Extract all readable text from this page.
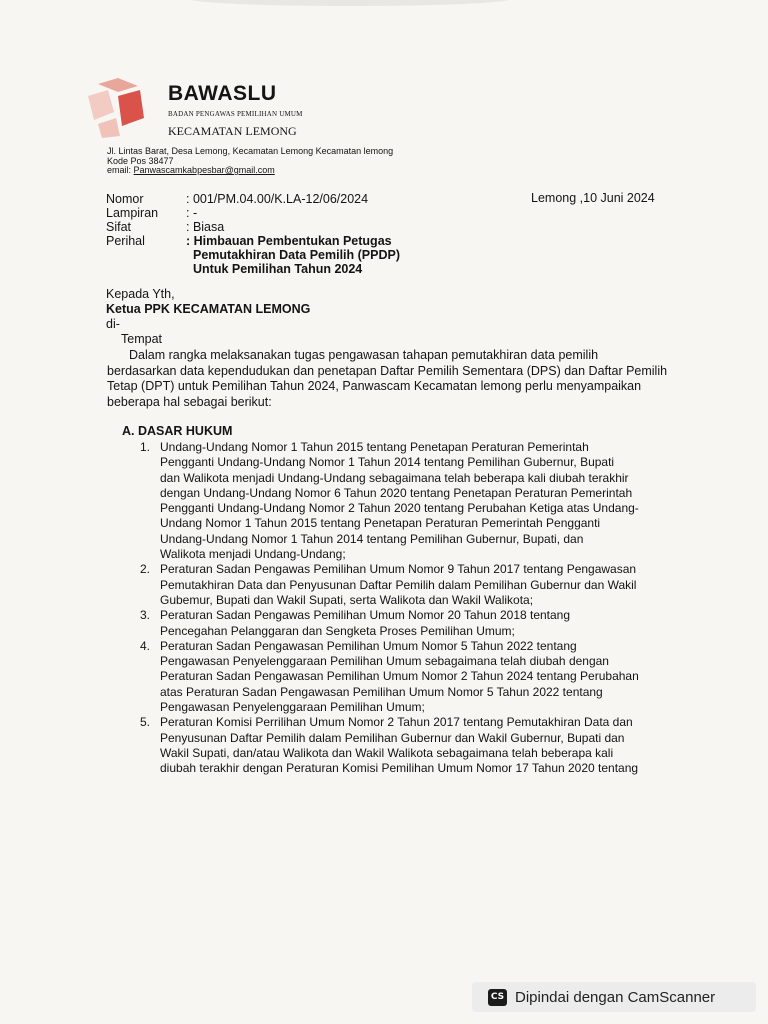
BAWASLU
BADAN PENGAWAS PEMILIHAN UMUM
KECAMATAN LEMONG
Jl. Lintas Barat, Desa Lemong, Kecamatan Lemong Kecamatan lemong
Kode Pos 38477
email: Panwascamkabpesbar@gmail.com
Nomor	: 001/PM.04.00/K.LA-12/06/2024
Lampiran : -
Sifat	: Biasa
Perihal	: Himbauan Pembentukan Petugas
Pemutakhiran Data Pemilih (PPDP)
Untuk Pemilihan Tahun 2024
Lemong ,10 Juni 2024
Kepada Yth,
Ketua PPK KECAMATAN LEMONG
di-
Tempat
Dalam rangka melaksanakan tugas pengawasan tahapan pemutakhiran data pemilih
berdasarkan data kependudukan dan penetapan Daftar Pemilih Sementara (DPS) dan Daftar Pemilih
Tetap (DPT) untuk Pemilihan Tahun 2024, Panwascam Kecamatan lemong perlu menyampaikan
beberapa hal sebagai berikut:
A. DASAR HUKUM
1. Undang-Undang Nomor 1 Tahun 2015 tentang Penetapan Peraturan Pemerintah
Pengganti Undang-Undang Nomor 1 Tahun 2014 tentang Pemilihan Gubernur, Bupati
dan Walikota menjadi Undang-Undang sebagaimana telah beberapa kali diubah terakhir
dengan Undang-Undang Nomor 6 Tahun 2020 tentang Penetapan Peraturan Pemerintah
Pengganti Undang-Undang Nomor 2 Tahun 2020 tentang Perubahan Ketiga atas Undang-
Undang Nomor 1 Tahun 2015 tentang Penetapan Peraturan Pemerintah Pengganti
Undang-Undang Nomor 1 Tahun 2014 tentang Pemilihan Gubernur, Bupati, dan
Walikota menjadi Undang-Undang;
2. Peraturan Sadan Pengawas Pemilihan Umum Nomor 9 Tahun 2017 tentang Pengawasan
Pemutakhiran Data dan Penyusunan Daftar Pemilih dalam Pemilihan Gubernur dan Wakil
Gubemur, Bupati dan Wakil Supati, serta Walikota dan Wakil Walikota;
3. Peraturan Sadan Pengawas Pemilihan Umum Nomor 20 Tahun 2018 tentang
Pencegahan Pelanggaran dan Sengketa Proses Pemilihan Umum;
4. Peraturan Sadan Pengawasan Pemilihan Umum Nomor 5 Tahun 2022 tentang
Pengawasan Penyelenggaraan Pemilihan Umum sebagaimana telah diubah dengan
Peraturan Sadan Pengawasan Pemilihan Umum Nomor 2 Tahun 2024 tentang Perubahan
atas Peraturan Sadan Pengawasan Pemilihan Umum Nomor 5 Tahun 2022 tentang
Pengawasan Penyelenggaraan Pemilihan Umum;
5. Peraturan Komisi Perrilihan Umum Nomor 2 Tahun 2017 tentang Pemutakhiran Data dan
Penyusunan Daftar Pemilih dalam Pemilihan Gubernur dan Wakil Gubernur, Bupati dan
Wakil Supati, dan/atau Walikota dan Wakil Walikota sebagaimana telah beberapa kali
diubah terakhir dengan Peraturan Komisi Pemilihan Umum Nomor 17 Tahun 2020 tentang
CS Dipindai dengan CamScanner
